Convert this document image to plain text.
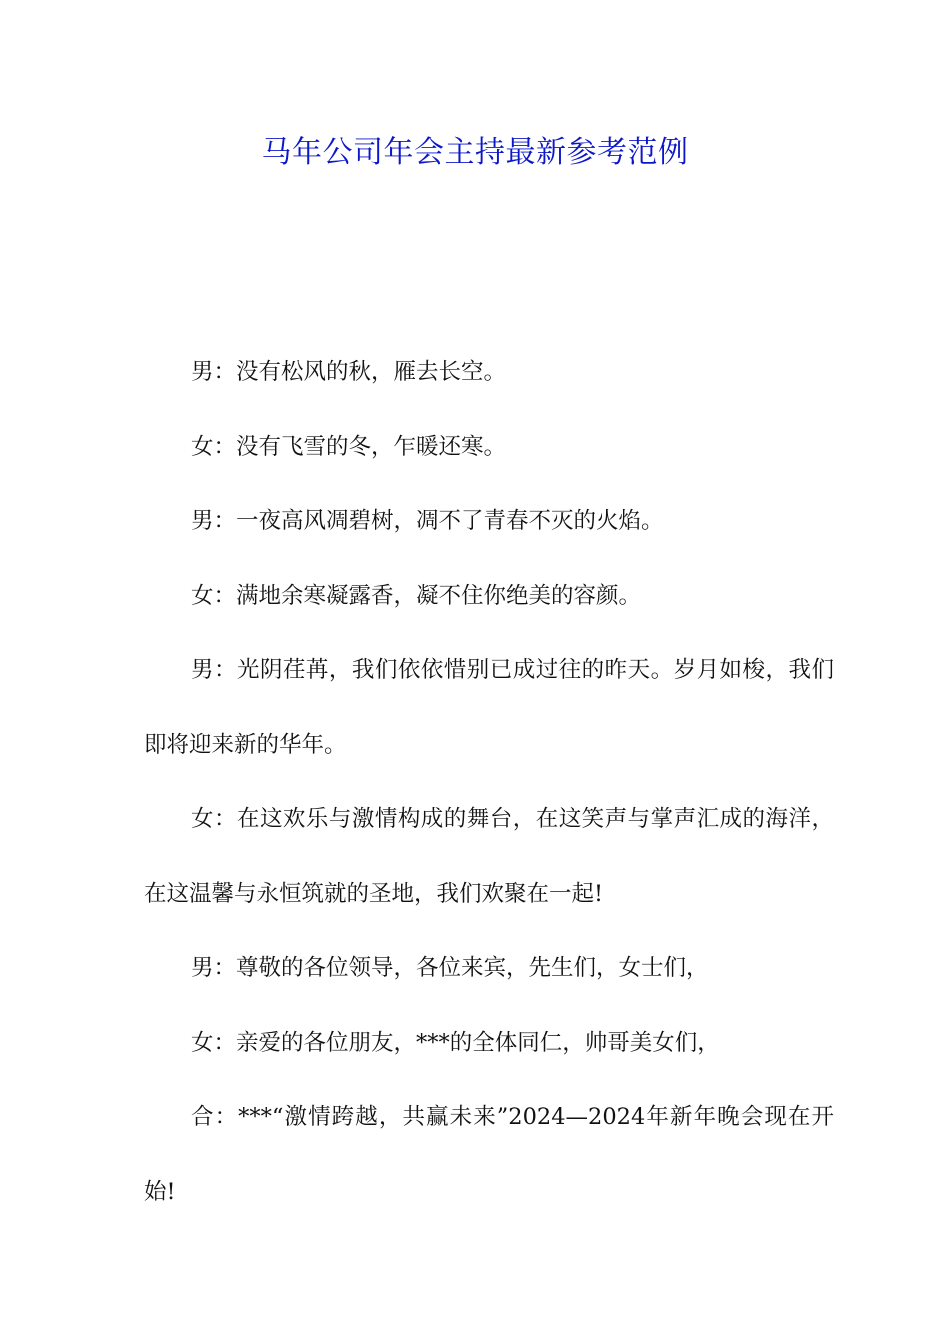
马年公司年会主持最新参考范例

男：没有松风的秋，雁去长空。

女：没有飞雪的冬，乍暖还寒。

男：一夜高风凋碧树，凋不了青春不灭的火焰。

女：满地余寒凝露香，凝不住你绝美的容颜。

男：光阴荏苒，我们依依惜别已成过往的昨天。岁月如梭，我们即将迎来新的华年。

女：在这欢乐与激情构成的舞台，在这笑声与掌声汇成的海洋，在这温馨与永恒筑就的圣地，我们欢聚在一起!

男：尊敬的各位领导，各位来宾，先生们，女士们，

女：亲爱的各位朋友，***的全体同仁，帅哥美女们，

合：***“激情跨越，共赢未来”2024—2024年新年晚会现在开始!
